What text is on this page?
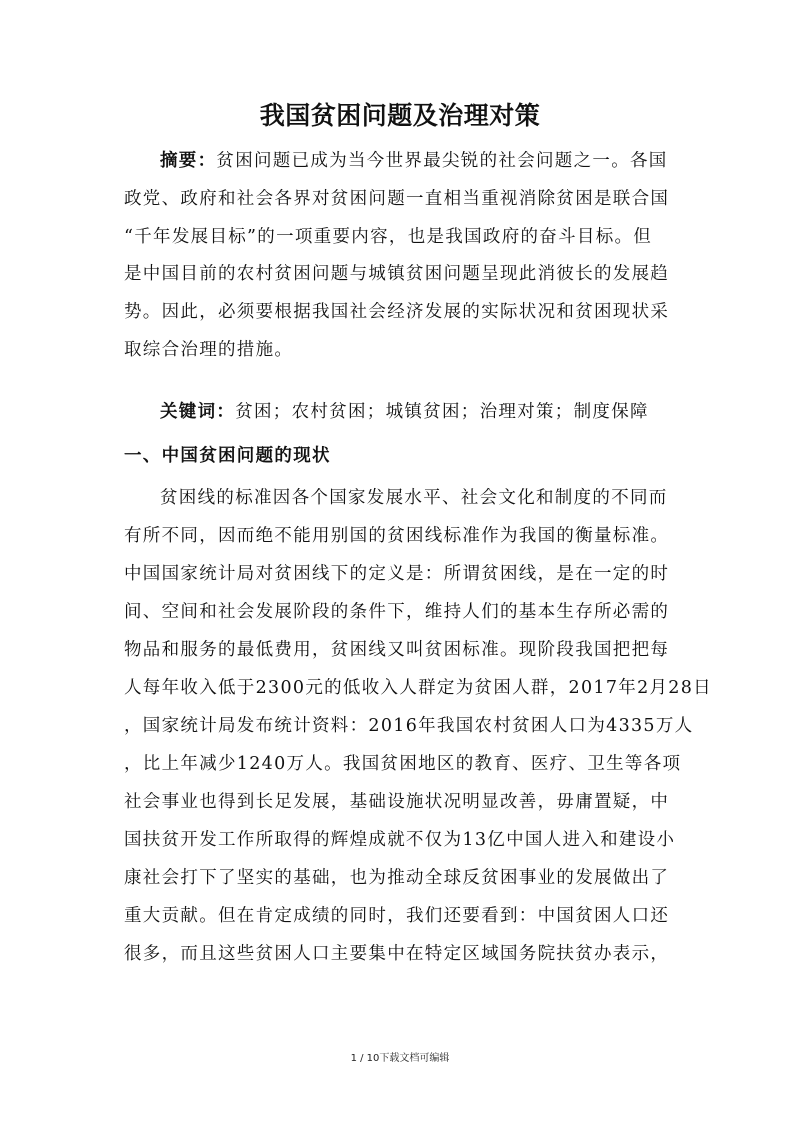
我国贫困问题及治理对策
摘要：贫困问题已成为当今世界最尖锐的社会问题之一。各国
政党、政府和社会各界对贫困问题一直相当重视消除贫困是联合国
“千年发展目标”的一项重要内容，也是我国政府的奋斗目标。但
是中国目前的农村贫困问题与城镇贫困问题呈现此消彼长的发展趋
势。因此，必须要根据我国社会经济发展的实际状况和贫困现状采
取综合治理的措施。
关键词：贫困；农村贫困；城镇贫困；治理对策；制度保障
一、中国贫困问题的现状
贫困线的标准因各个国家发展水平、社会文化和制度的不同而
有所不同，因而绝不能用别国的贫困线标准作为我国的衡量标准。
中国国家统计局对贫困线下的定义是：所谓贫困线，是在一定的时
间、空间和社会发展阶段的条件下，维持人们的基本生存所必需的
物品和服务的最低费用，贫困线又叫贫困标准。现阶段我国把把每
人每年收入低于2300元的低收入人群定为贫困人群，2017年2月28日
，国家统计局发布统计资料：2016年我国农村贫困人口为4335万人
，比上年减少1240万人。我国贫困地区的教育、医疗、卫生等各项
社会事业也得到长足发展，基础设施状况明显改善，毋庸置疑，中
国扶贫开发工作所取得的辉煌成就不仅为13亿中国人进入和建设小
康社会打下了坚实的基础，也为推动全球反贫困事业的发展做出了
重大贡献。但在肯定成绩的同时，我们还要看到：中国贫困人口还
很多，而且这些贫困人口主要集中在特定区域国务院扶贫办表示，
1 / 10下载文档可编辑
